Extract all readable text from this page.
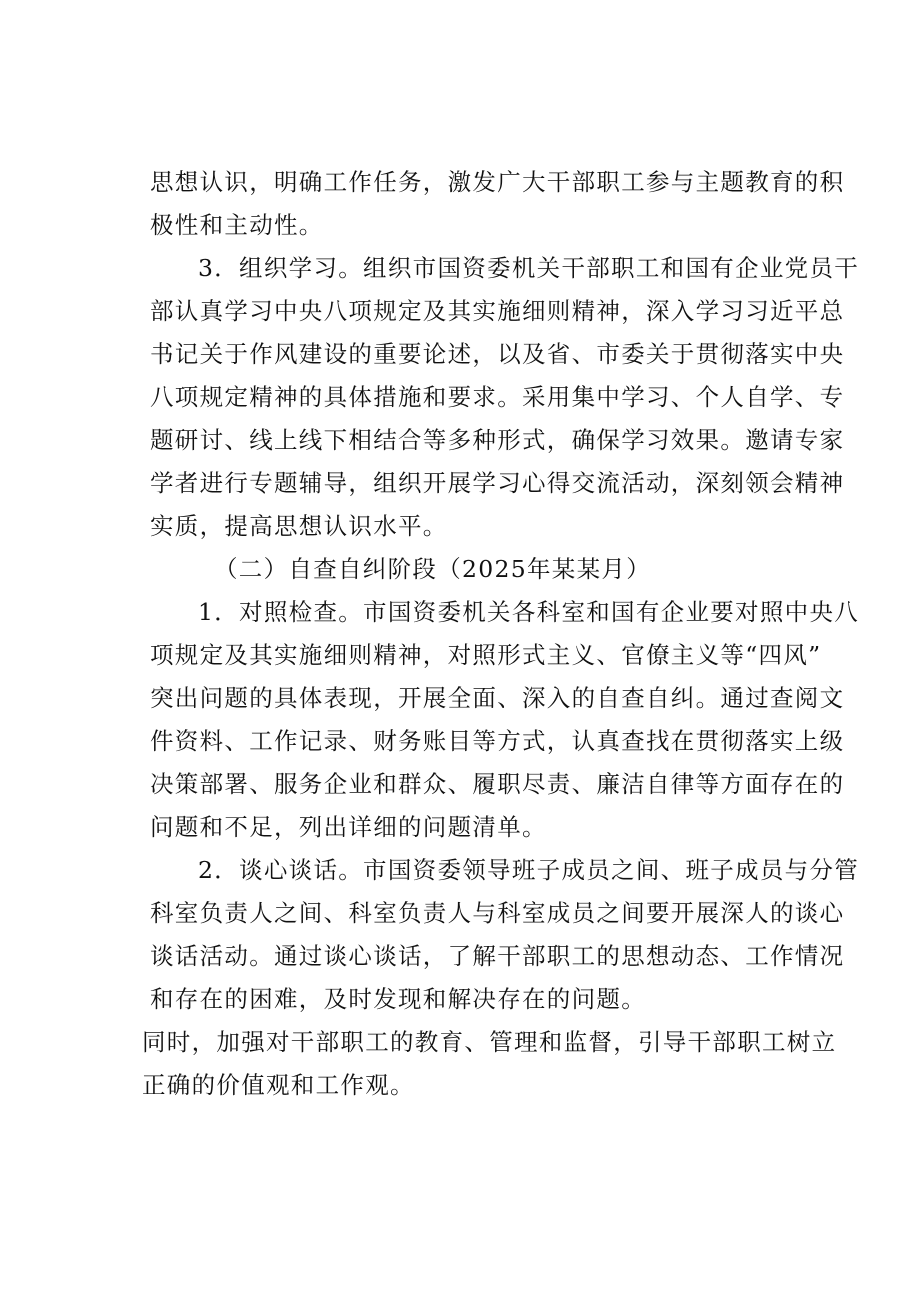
思想认识，明确工作任务，激发广大干部职工参与主题教育的积
极性和主动性。
3．组织学习。组织市国资委机关干部职工和国有企业党员干
部认真学习中央八项规定及其实施细则精神，深入学习习近平总
书记关于作风建设的重要论述，以及省、市委关于贯彻落实中央
八项规定精神的具体措施和要求。采用集中学习、个人自学、专
题研讨、线上线下相结合等多种形式，确保学习效果。邀请专家
学者进行专题辅导，组织开展学习心得交流活动，深刻领会精神
实质，提高思想认识水平。
（二）自查自纠阶段（2025年某某月）
1．对照检查。市国资委机关各科室和国有企业要对照中央八
项规定及其实施细则精神，对照形式主义、官僚主义等“四风”
突出问题的具体表现，开展全面、深入的自查自纠。通过查阅文
件资料、工作记录、财务账目等方式，认真查找在贯彻落实上级
决策部署、服务企业和群众、履职尽责、廉洁自律等方面存在的
问题和不足，列出详细的问题清单。
2．谈心谈话。市国资委领导班子成员之间、班子成员与分管
科室负责人之间、科室负责人与科室成员之间要开展深人的谈心
谈话活动。通过谈心谈话，了解干部职工的思想动态、工作情况
和存在的困难，及时发现和解决存在的问题。
同时，加强对干部职工的教育、管理和监督，引导干部职工树立
正确的价值观和工作观。
